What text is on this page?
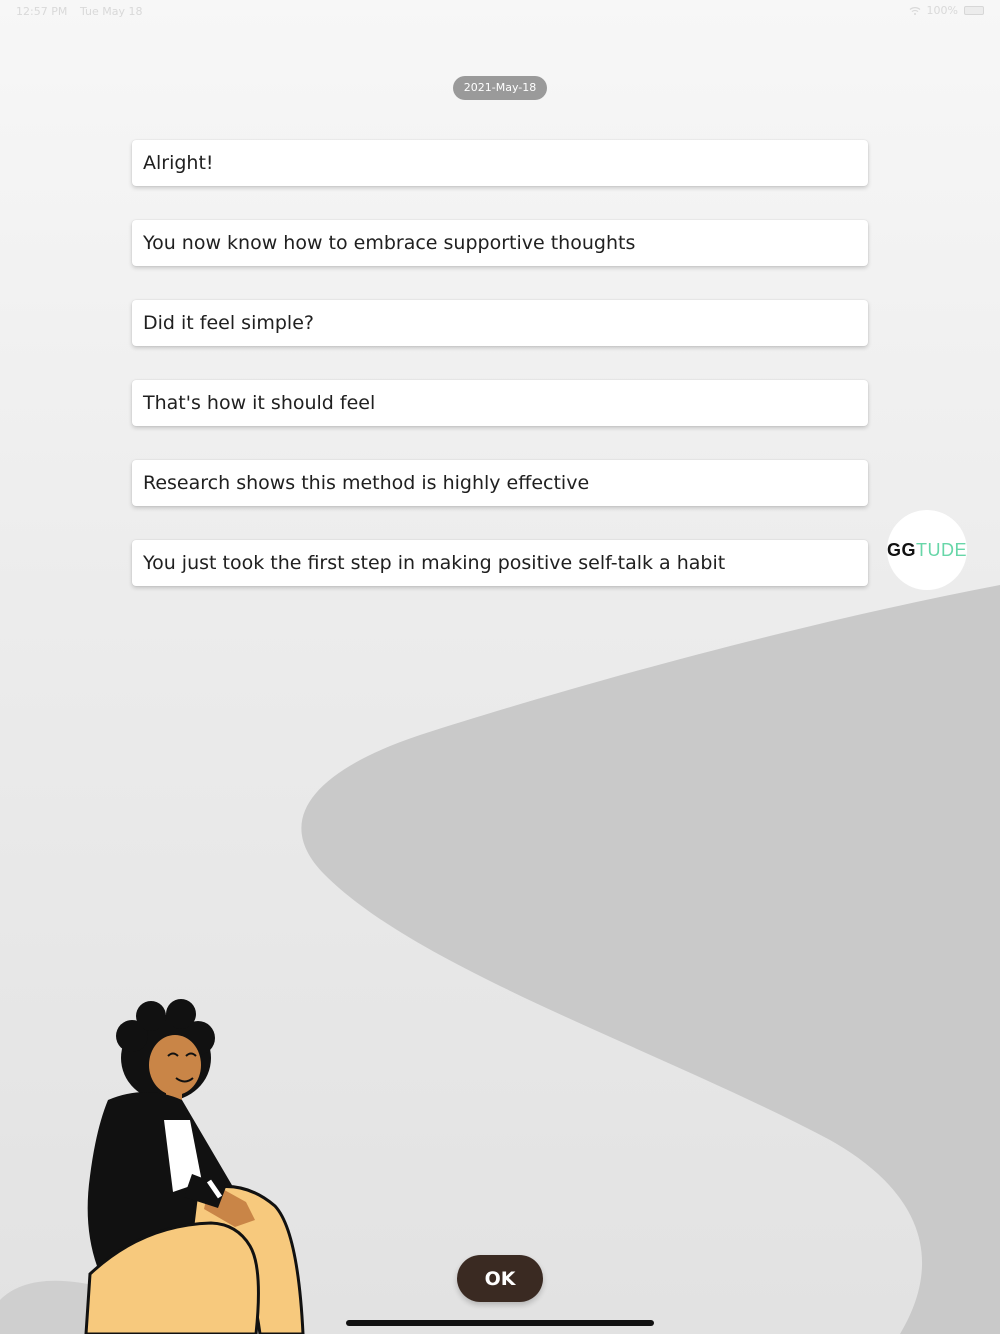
12:57 PM Tue May 18	100%
2021-May-18
Alright!
You now know how to embrace supportive thoughts
Did it feel simple?
That's how it should feel
Research shows this method is highly effective
You just took the first step in making positive self-talk a habit
GG TUDE
OK
